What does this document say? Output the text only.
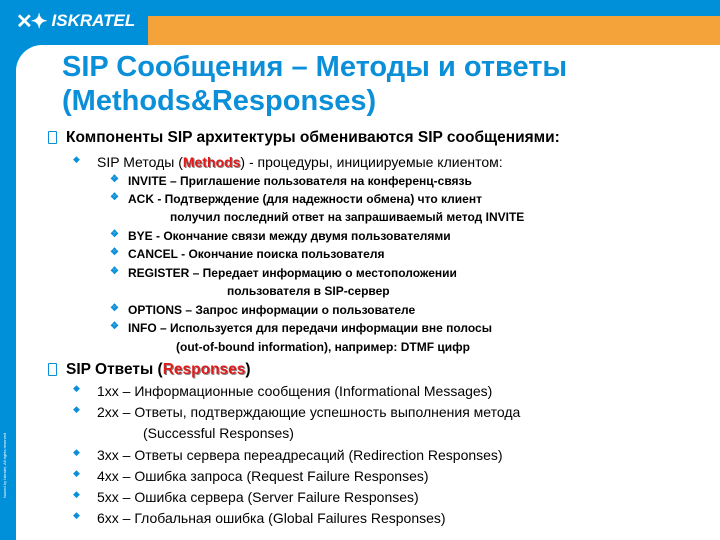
✕✦ ISKRATEL
Issued by Iskratel, All rights reserved
SIP Сообщения – Методы и ответы
(Methods&Responses)
Компоненты SIP архитектуры обмениваются SIP сообщениями:
◆ SIP Методы (Methods) - процедуры, инициируемые клиентом:
❖ INVITE – Приглашение пользователя на конференц-связь
❖ ACK - Подтверждение (для надежности обмена) что клиент
получил последний ответ на запрашиваемый метод INVITE
❖ BYE - Окончание связи между двумя пользователями
❖ CANCEL - Окончание поиска пользователя
❖ REGISTER – Передает информацию о местоположении
пользователя в SIP-сервер
❖ OPTIONS – Запрос информации о пользователе
❖ INFO – Используется для передачи информации вне полосы
(out-of-bound information), например: DTMF цифр
SIP Ответы (Responses)
◆ 1xx – Информационные сообщения (Informational Messages)
◆ 2xx – Ответы, подтверждающие успешность выполнения метода
(Successful Responses)
◆ 3xx – Ответы сервера переадресаций (Redirection Responses)
◆ 4xx – Ошибка запроса (Request Failure Responses)
◆ 5xx – Ошибка сервера (Server Failure Responses)
◆ 6xx – Глобальная ошибка (Global Failures Responses)
